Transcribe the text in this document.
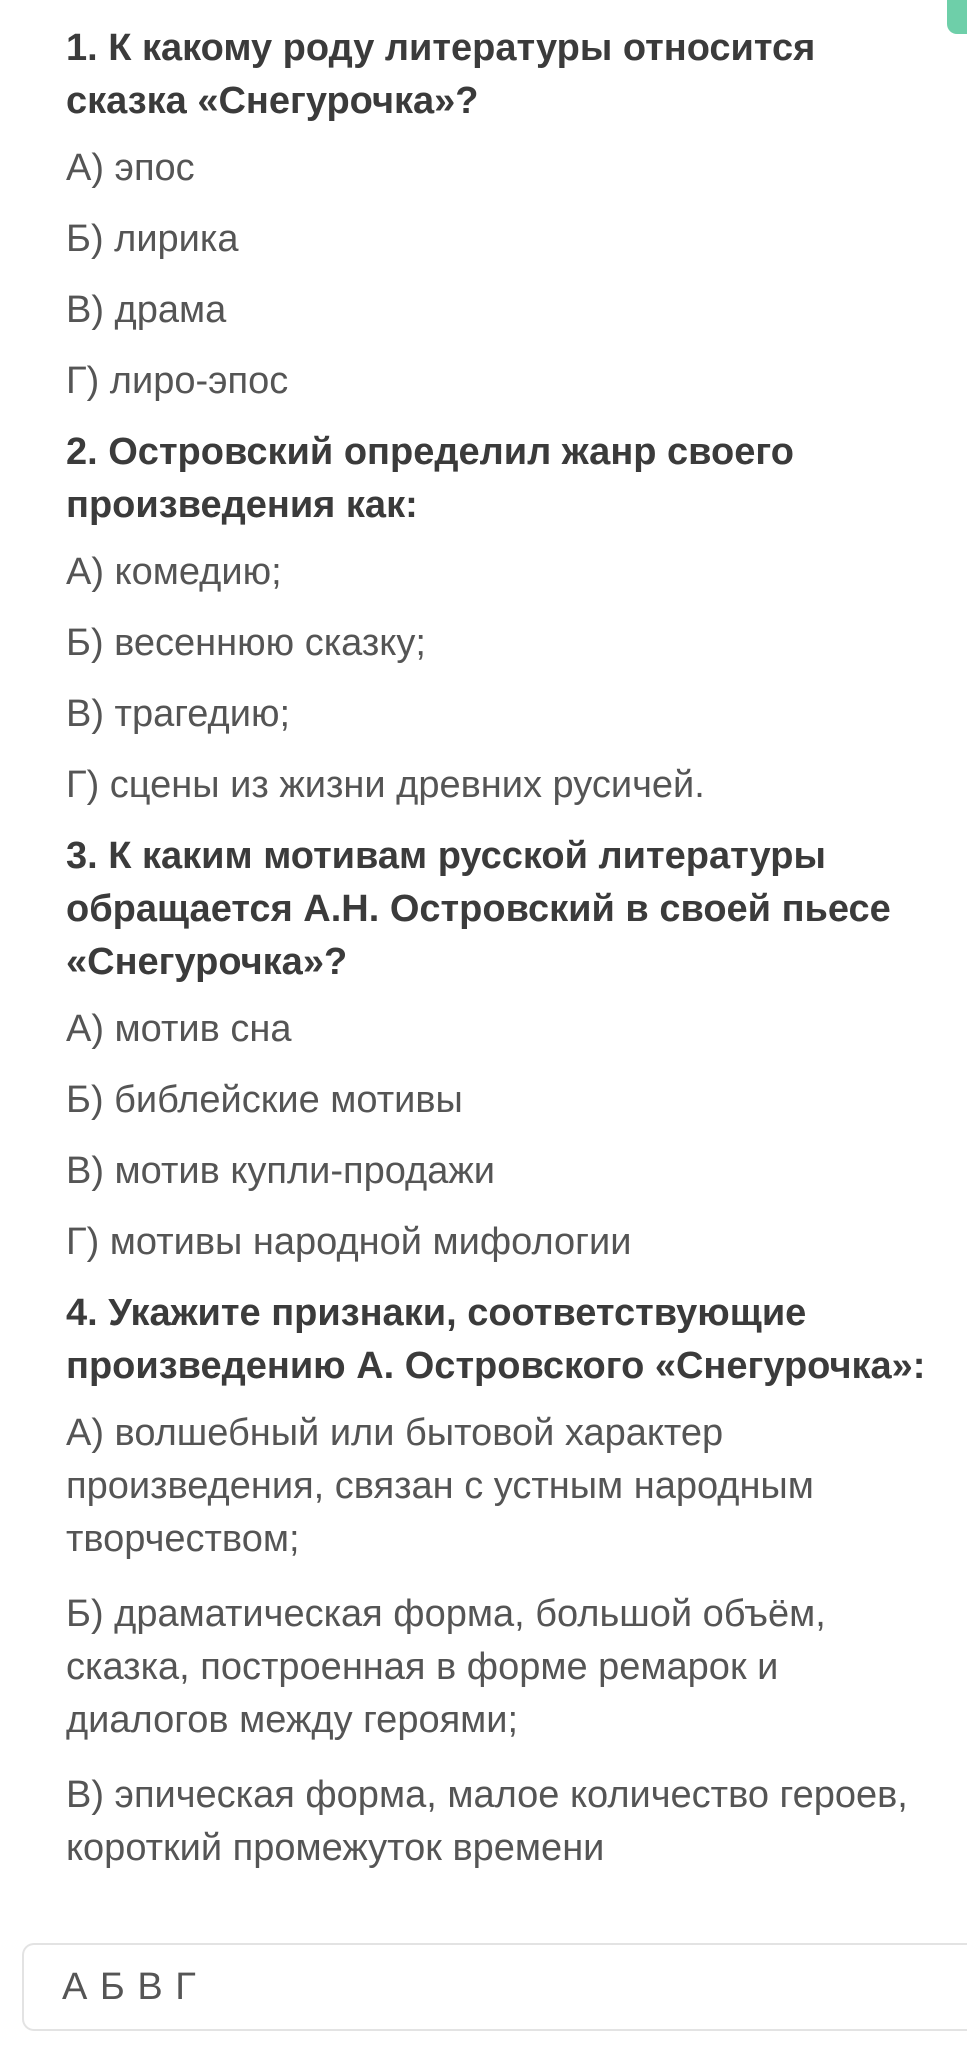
1. К какому роду литературы относится сказка «Снегурочка»?
А) эпос
Б) лирика
В) драма
Г) лиро-эпос
2. Островский определил жанр своего произведения как:
А) комедию;
Б) весеннюю сказку;
В) трагедию;
Г) сцены из жизни древних русичей.
3. К каким мотивам русской литературы обращается А.Н. Островский в своей пьесе «Снегурочка»?
А) мотив сна
Б) библейские мотивы
В) мотив купли-продажи
Г) мотивы народной мифологии
4. Укажите признаки, соответствующие произведению А. Островского «Снегурочка»:
А) волшебный или бытовой характер произведения, связан с устным народным творчеством;
Б) драматическая форма, большой объём, сказка, построенная в форме ремарок и диалогов между героями;
В) эпическая форма, малое количество героев, короткий промежуток времени
А Б В Г
